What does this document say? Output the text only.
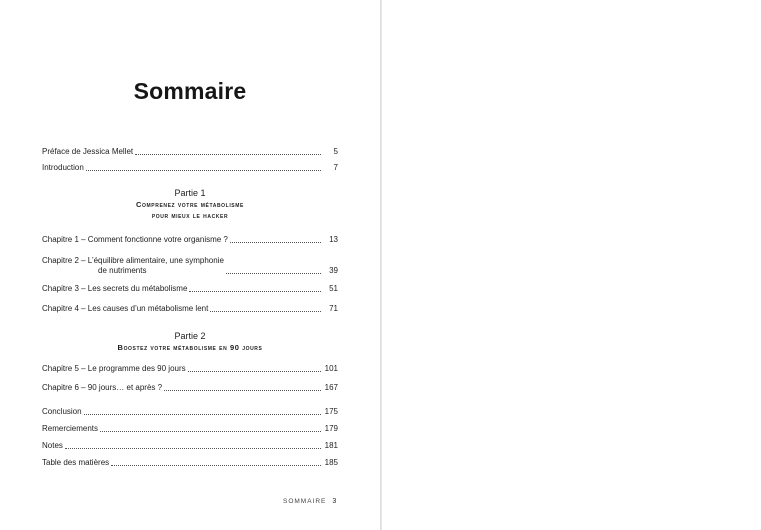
Sommaire
Préface de Jessica Mellet	5
Introduction	7
Partie 1
Comprenez votre métabolisme
pour mieux le hacker
Chapitre 1 – Comment fonctionne votre organisme ?	13
Chapitre 2 – L’équilibre alimentaire, une symphonie
de nutriments	39
Chapitre 3 – Les secrets du métabolisme	51
Chapitre 4 – Les causes d’un métabolisme lent	71
Partie 2
Boostez votre métabolisme en 90 jours
Chapitre 5 – Le programme des 90 jours	101
Chapitre 6 – 90 jours… et après ?	167
Conclusion	175
Remerciements	179
Notes	181
Table des matières	185
SOMMAIRE 3
